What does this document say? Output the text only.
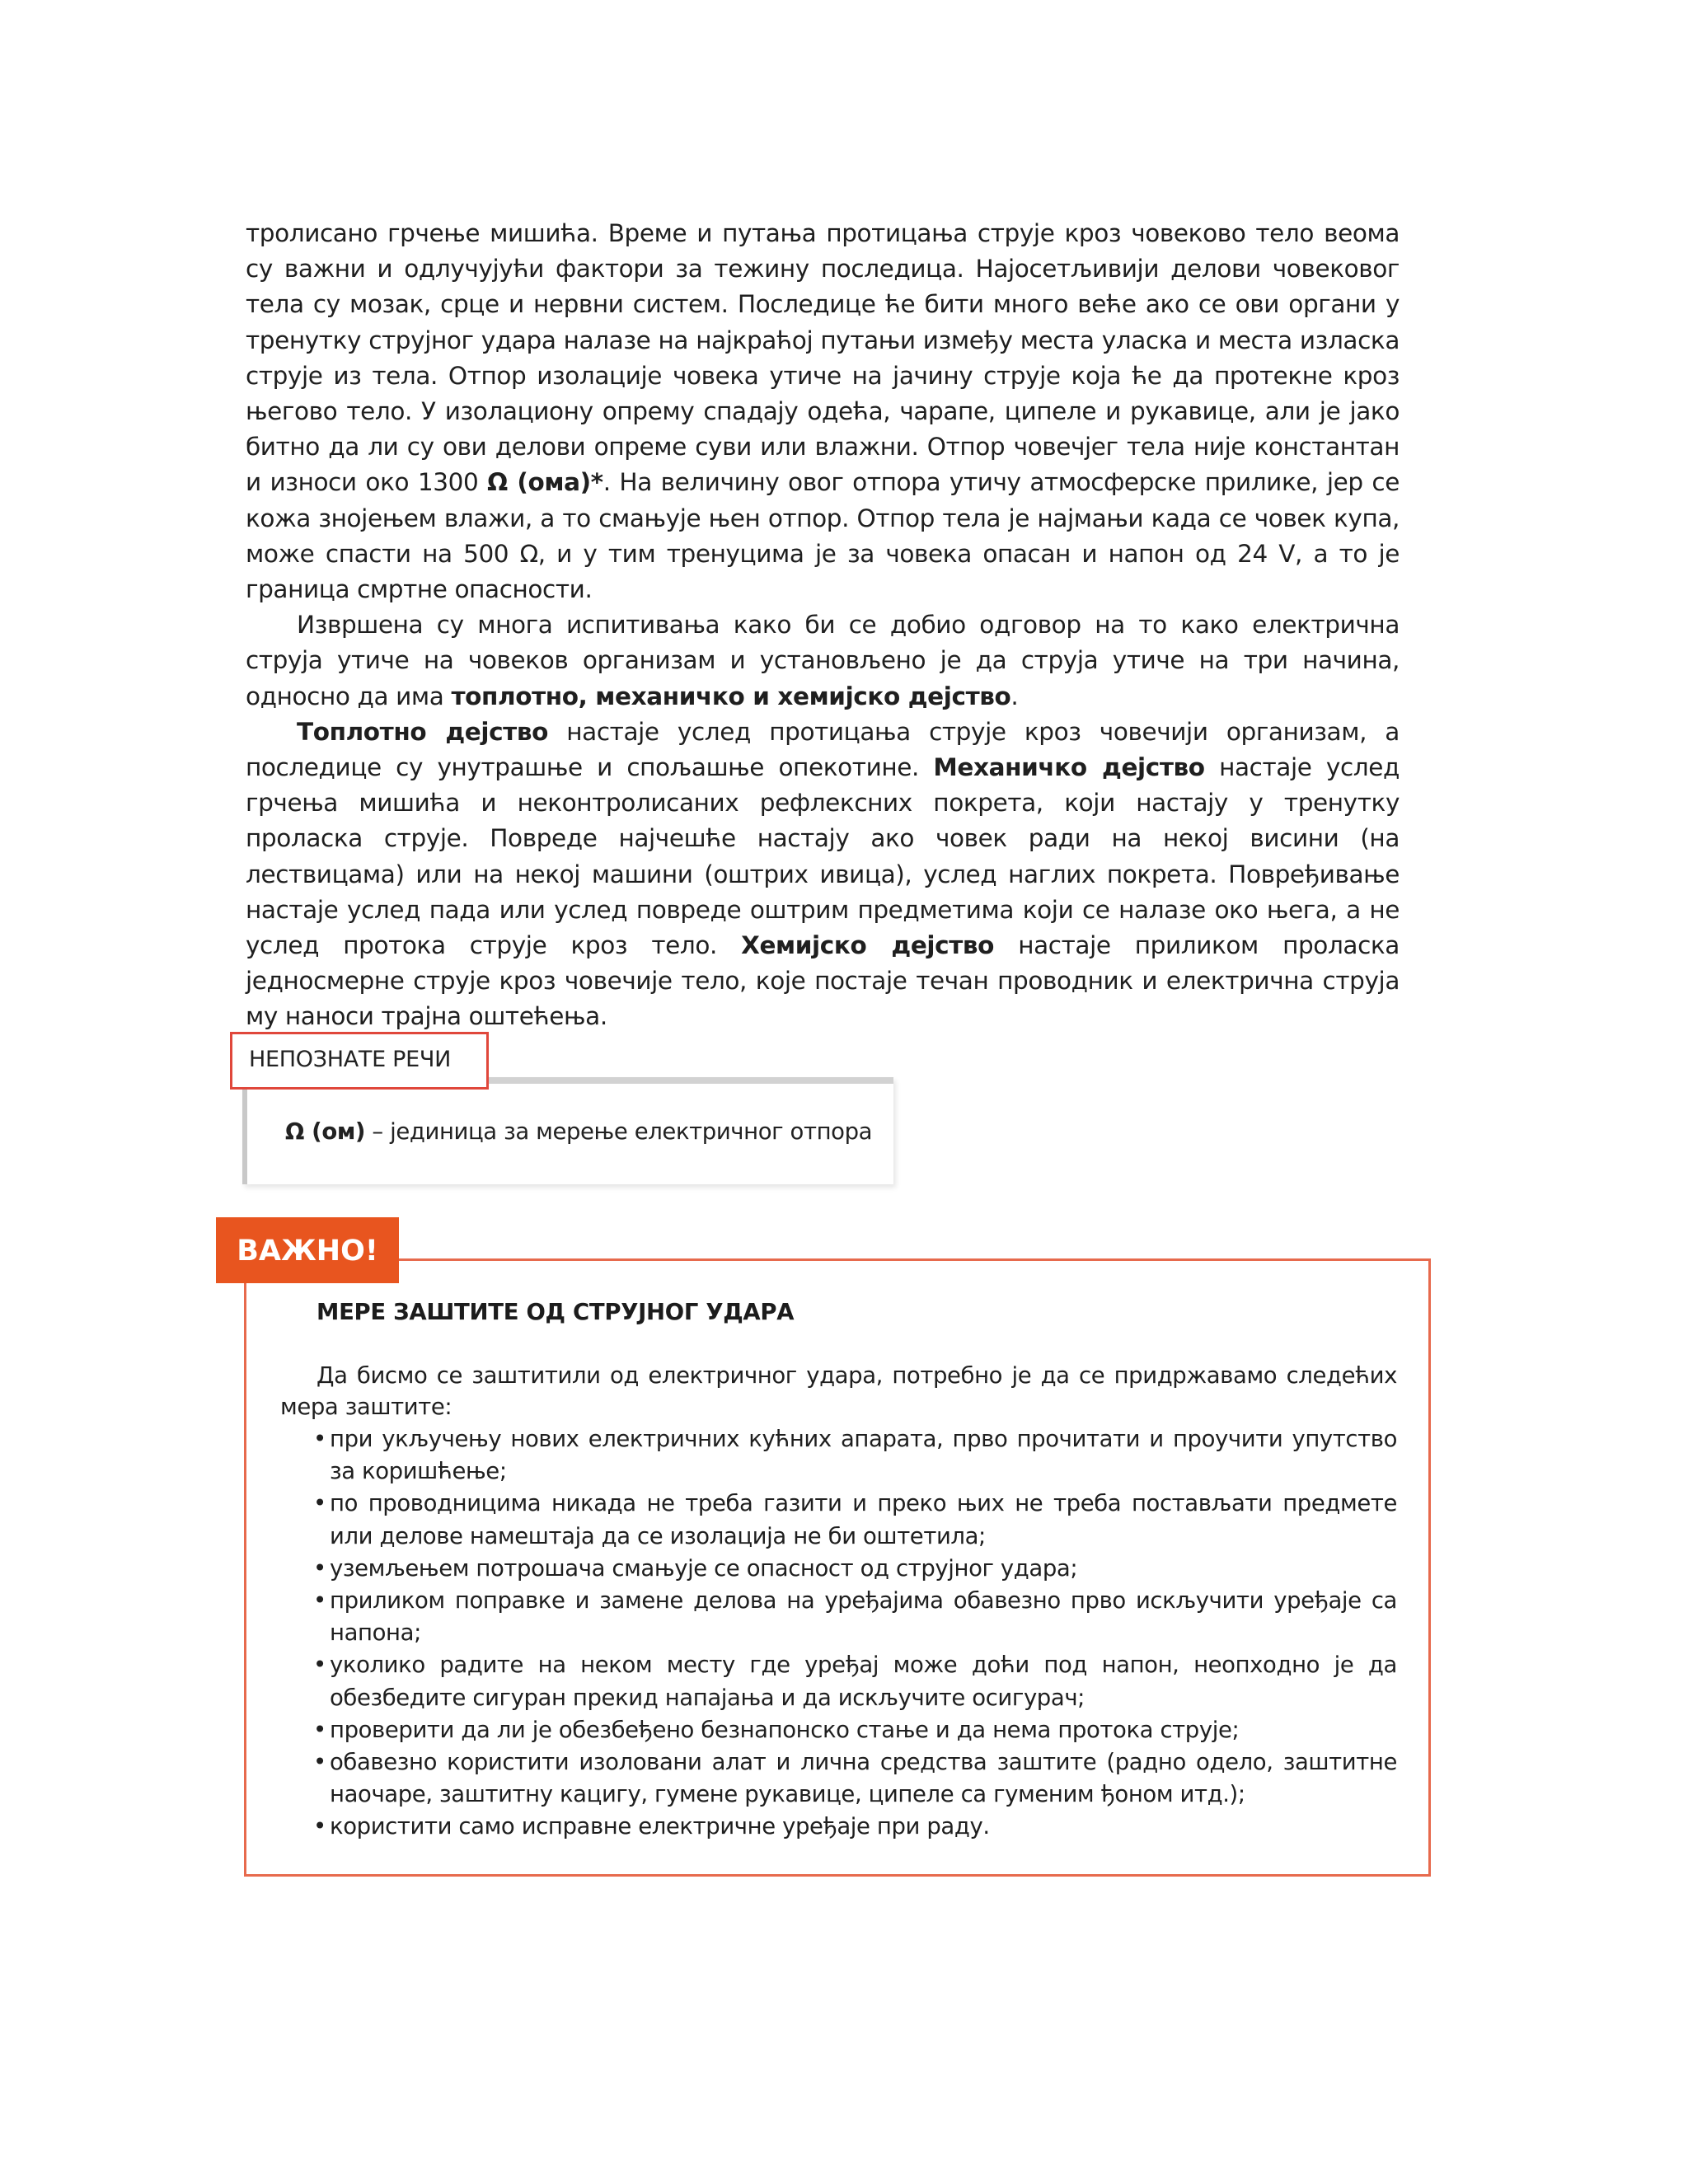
тролисано грчење мишића. Време и путања протицања струје кроз човеково тело веома су важни и одлучујући фактори за тежину последица. Најосетљивији делови човековог тела су мозак, срце и нервни систем. Последице ће бити много веће ако се ови органи у тренутку струјног удара налазе на најкраћој путањи између места уласка и места изласка струје из тела. Отпор изолације човека утиче на јачину струје која ће да протекне кроз његово тело. У изолациону опрему спадају одећа, чарапе, ципеле и рукавице, али је јако битно да ли су ови делови опреме суви или влажни. Отпор човечјег тела није константан и износи око 1300 Ω (ома)*. На величину овог отпора утичу атмосферске прилике, јер се кожа знојењем влажи, а то смањује њен отпор. Отпор тела је најмањи када се човек купа, може спасти на 500 Ω, и у тим тренуцима је за човека опасан и напон од 24 V, а то је граница смртне опасности.

Извршена су многа испитивања како би се добио одговор на то како електрична струја утиче на човеков организам и установљено је да струја утиче на три начина, односно да има топлотно, механичко и хемијско дејство.

Топлотно дејство настаје услед протицања струје кроз човечији организам, а последице су унутрашње и спољашње опекотине. Механичко дејство настаје услед грчења мишића и неконтролисаних рефлексних покрета, који настају у тренутку проласка струје. Повреде најчешће настају ако човек ради на некој висини (на лествицама) или на некој машини (оштрих ивица), услед наглих покрета. Повређивање настаје услед пада или услед повреде оштрим предметима који се налазе око њега, а не услед протока струје кроз тело. Хемијско дејство настаје приликом проласка једносмерне струје кроз човечије тело, које постаје течан проводник и електрична струја му наноси трајна оштећења.

НЕПОЗНАТЕ РЕЧИ
Ω (ом) – јединица за мерење електричног отпора
ВАЖНО!
МЕРЕ ЗАШТИТЕ ОД СТРУЈНОГ УДАРА
Да бисмо се заштитили од електричног удара, потребно је да се придржавамо следећих мера заштите:
• при укључењу нових електричних кућних апарата, прво прочитати и проучити упутство за коришћење;
• по проводницима никада не треба газити и преко њих не треба постављати предмете или делове намештаја да се изолација не би оштетила;
• уземљењем потрошача смањује се опасност од струјног удара;
• приликом поправке и замене делова на уређајима обавезно прво искључити уређаје са напона;
• уколико радите на неком месту где уређај може доћи под напон, неопходно је да обезбедите сигуран прекид напајања и да искључите осигурач;
• проверити да ли је обезбеђено безнапонско стање и да нема протока струје;
• обавезно користити изоловани алат и лична средства заштите (радно одело, заштитне наочаре, заштитну кацигу, гумене рукавице, ципеле са гуменим ђоном итд.);
• користити само исправне електричне уређаје при раду.
